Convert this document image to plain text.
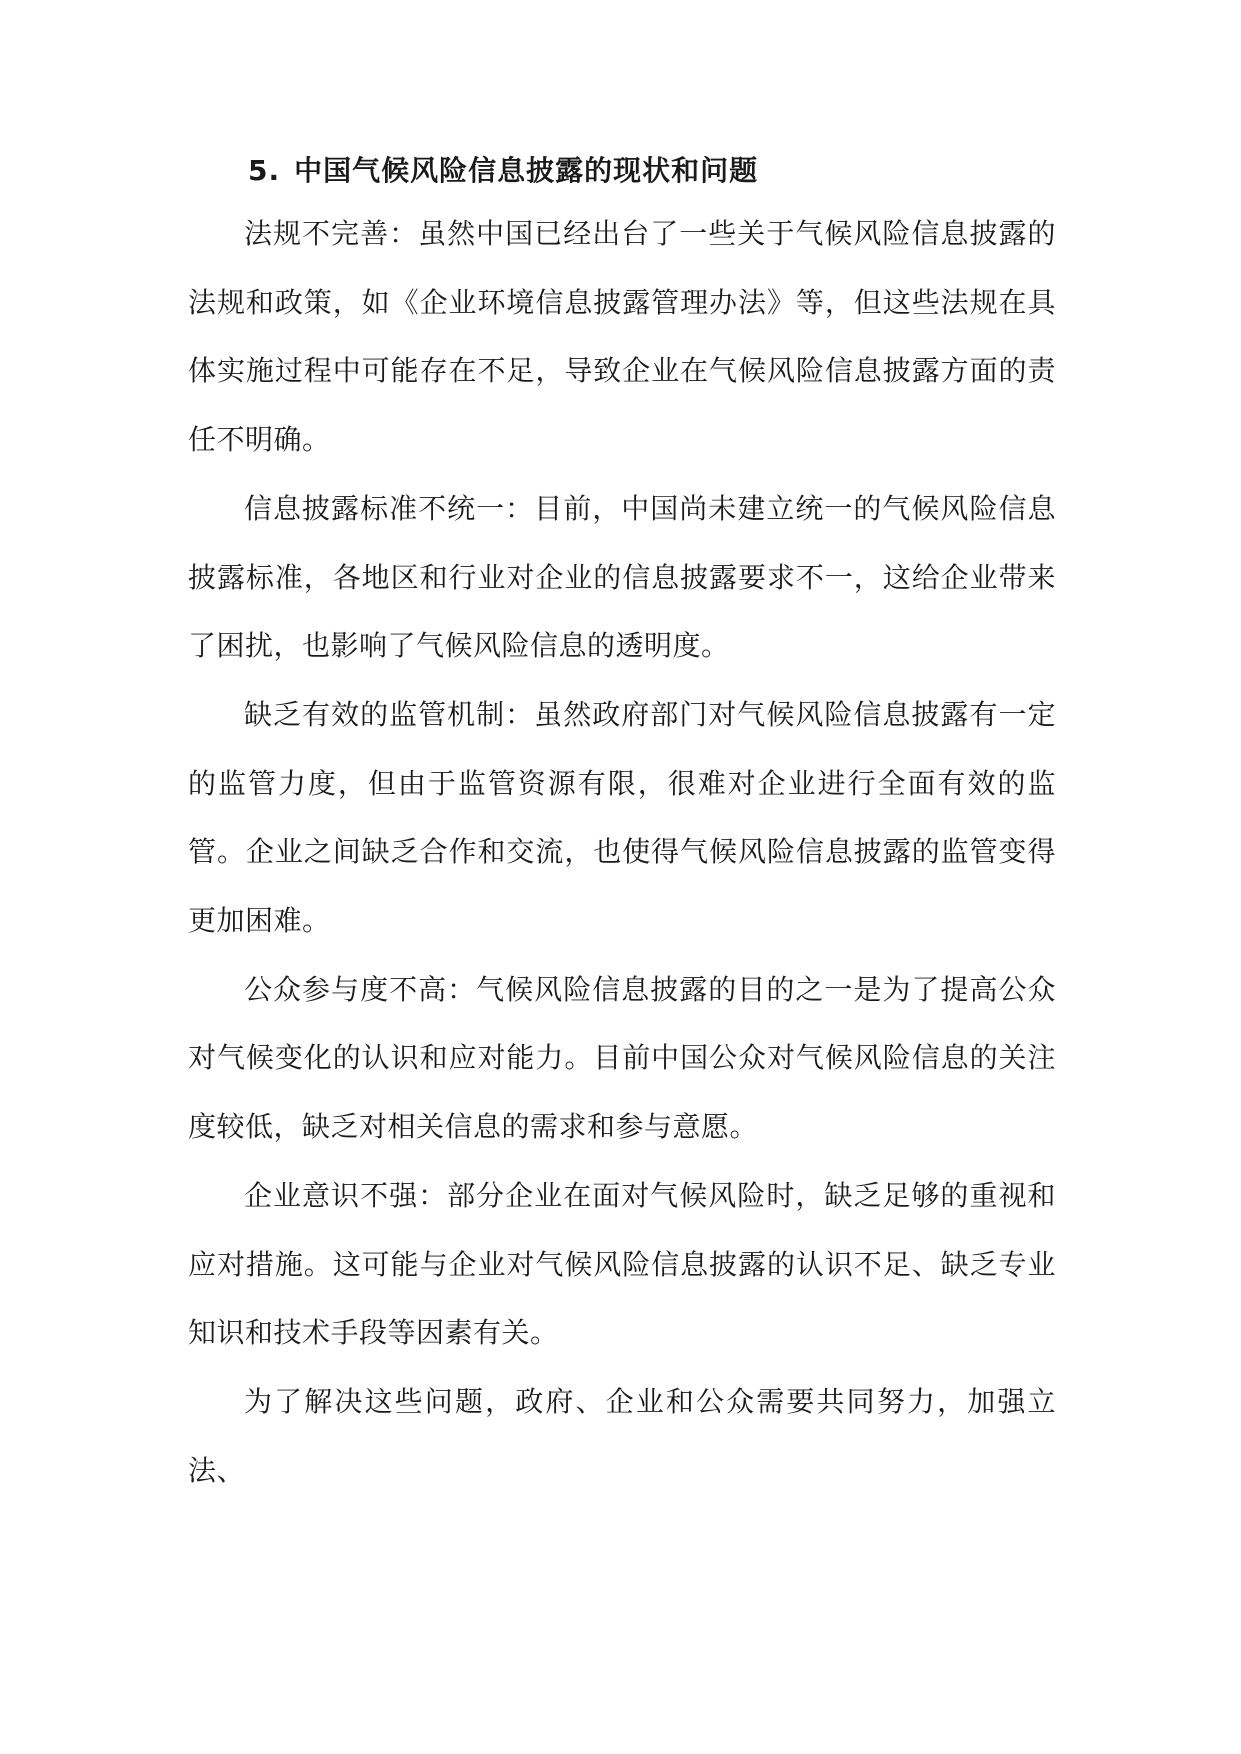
5. 中国气候风险信息披露的现状和问题

法规不完善：虽然中国已经出台了一些关于气候风险信息披露的法规和政策，如《企业环境信息披露管理办法》等，但这些法规在具体实施过程中可能存在不足，导致企业在气候风险信息披露方面的责任不明确。

信息披露标准不统一：目前，中国尚未建立统一的气候风险信息披露标准，各地区和行业对企业的信息披露要求不一，这给企业带来了困扰，也影响了气候风险信息的透明度。

缺乏有效的监管机制：虽然政府部门对气候风险信息披露有一定的监管力度，但由于监管资源有限，很难对企业进行全面有效的监管。企业之间缺乏合作和交流，也使得气候风险信息披露的监管变得更加困难。

公众参与度不高：气候风险信息披露的目的之一是为了提高公众对气候变化的认识和应对能力。目前中国公众对气候风险信息的关注度较低，缺乏对相关信息的需求和参与意愿。

企业意识不强：部分企业在面对气候风险时，缺乏足够的重视和应对措施。这可能与企业对气候风险信息披露的认识不足、缺乏专业知识和技术手段等因素有关。

为了解决这些问题，政府、企业和公众需要共同努力，加强立法、
